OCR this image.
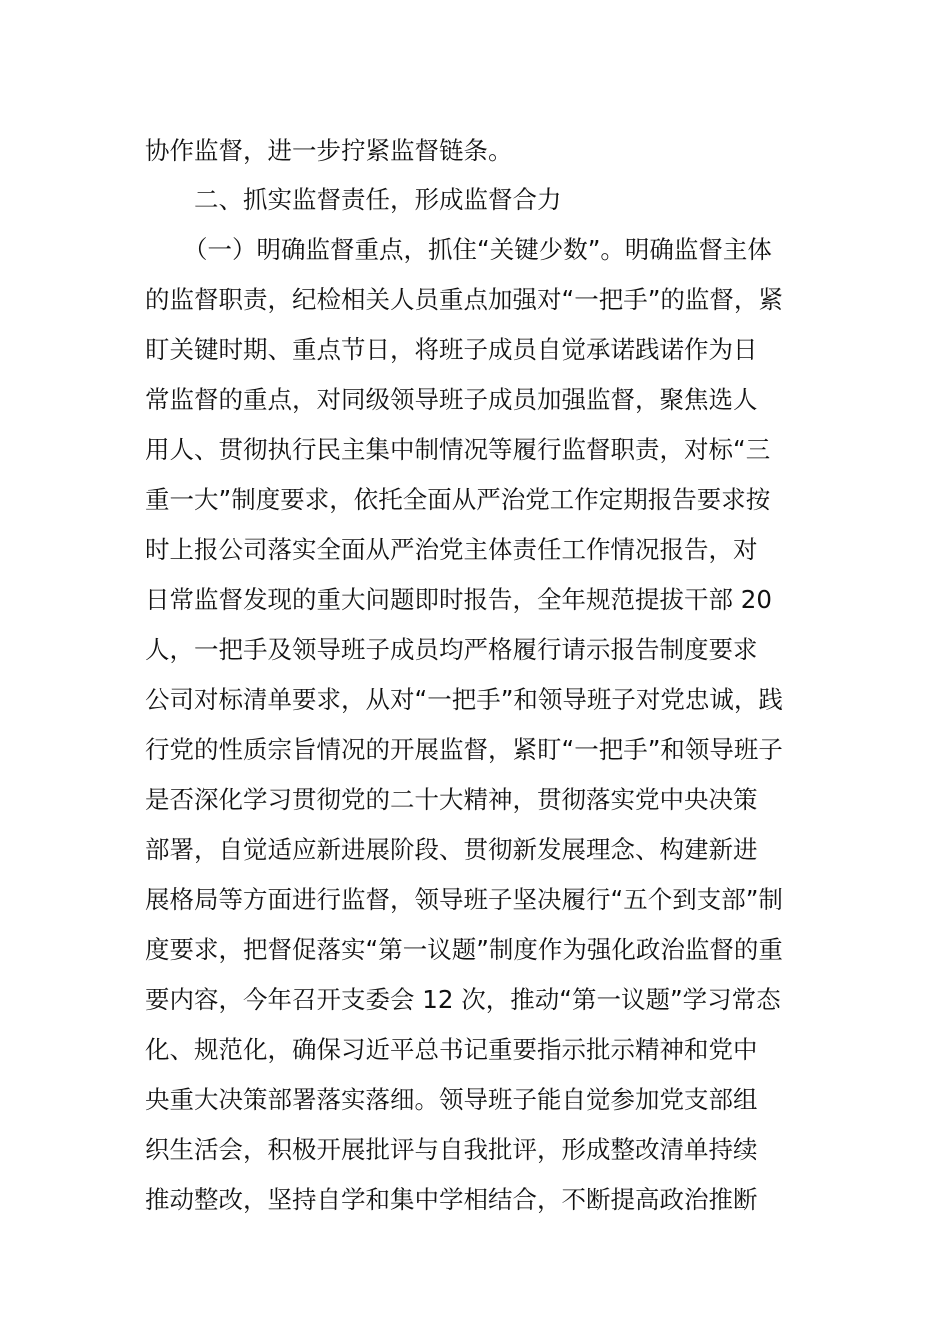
协作监督，进一步拧紧监督链条。
二、抓实监督责任，形成监督合力
（一）明确监督重点，抓住“关键少数”。明确监督主体
的监督职责，纪检相关人员重点加强对“一把手”的监督，紧
盯关键时期、重点节日，将班子成员自觉承诺践诺作为日
常监督的重点，对同级领导班子成员加强监督，聚焦选人
用人、贯彻执行民主集中制情况等履行监督职责，对标“三
重一大”制度要求，依托全面从严治党工作定期报告要求按
时上报公司落实全面从严治党主体责任工作情况报告，对
日常监督发现的重大问题即时报告，全年规范提拔干部 20
人，一把手及领导班子成员均严格履行请示报告制度要求
公司对标清单要求，从对“一把手”和领导班子对党忠诚，践
行党的性质宗旨情况的开展监督，紧盯“一把手”和领导班子
是否深化学习贯彻党的二十大精神，贯彻落实党中央决策
部署，自觉适应新进展阶段、贯彻新发展理念、构建新进
展格局等方面进行监督，领导班子坚决履行“五个到支部”制
度要求，把督促落实“第一议题”制度作为强化政治监督的重
要内容，今年召开支委会 12 次，推动“第一议题”学习常态
化、规范化，确保习近平总书记重要指示批示精神和党中
央重大决策部署落实落细。领导班子能自觉参加党支部组
织生活会，积极开展批评与自我批评，形成整改清单持续
推动整改，坚持自学和集中学相结合，不断提高政治推断
